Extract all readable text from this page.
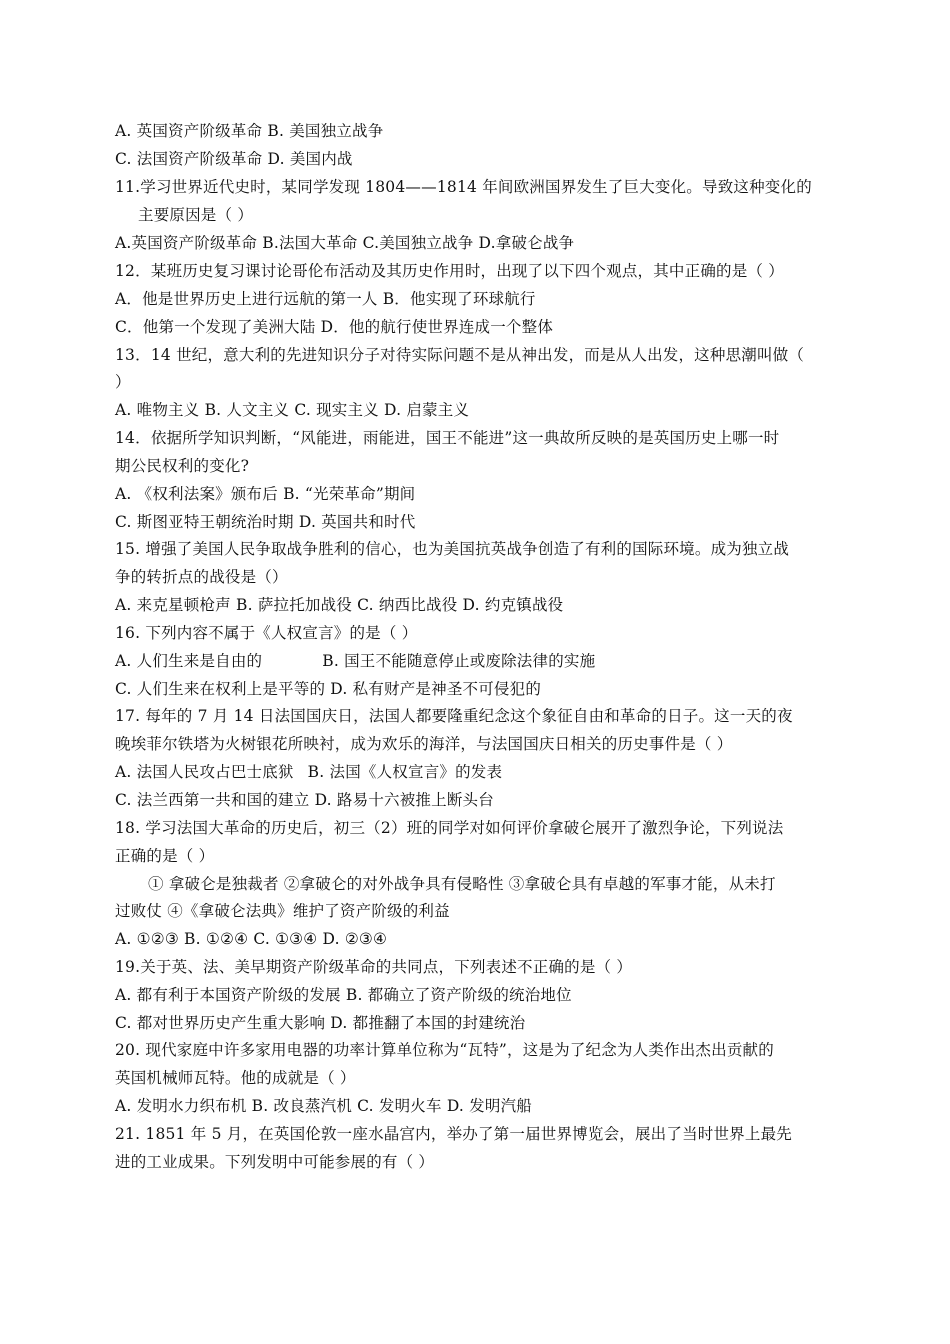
A. 英国资产阶级革命 B. 美国独立战争
C. 法国资产阶级革命 D. 美国内战
11.学习世界近代史时，某同学发现 1804——1814 年间欧洲国界发生了巨大变化。导致这种变化的
主要原因是（ ）
A.英国资产阶级革命 B.法国大革命 C.美国独立战争 D.拿破仑战争
12．某班历史复习课讨论哥伦布活动及其历史作用时，出现了以下四个观点，其中正确的是（ ）
A．他是世界历史上进行远航的第一人 B．他实现了环球航行
C．他第一个发现了美洲大陆 D．他的航行使世界连成一个整体
13．14 世纪，意大利的先进知识分子对待实际问题不是从神出发，而是从人出发，这种思潮叫做（
）
A. 唯物主义 B. 人文主义 C. 现实主义 D. 启蒙主义
14．依据所学知识判断，“风能进，雨能进，国王不能进”这一典故所反映的是英国历史上哪一时
期公民权利的变化?
A. 《权利法案》颁布后 B. “光荣革命”期间
C. 斯图亚特王朝统治时期 D. 英国共和时代
15. 增强了美国人民争取战争胜利的信心，也为美国抗英战争创造了有利的国际环境。成为独立战
争的转折点的战役是（）
A. 来克星顿枪声 B. 萨拉托加战役 C. 纳西比战役 D. 约克镇战役
16. 下列内容不属于《人权宣言》的是（ ）
A. 人们生来是自由的	B. 国王不能随意停止或废除法律的实施
C. 人们生来在权利上是平等的 D. 私有财产是神圣不可侵犯的
17. 每年的 7 月 14 日法国国庆日，法国人都要隆重纪念这个象征自由和革命的日子。这一天的夜
晚埃菲尔铁塔为火树银花所映衬，成为欢乐的海洋，与法国国庆日相关的历史事件是（ ）
A. 法国人民攻占巴士底狱 B. 法国《人权宣言》的发表
C. 法兰西第一共和国的建立 D. 路易十六被推上断头台
18. 学习法国大革命的历史后，初三（2）班的同学对如何评价拿破仑展开了激烈争论，下列说法
正确的是（ ）
① 拿破仑是独裁者 ②拿破仑的对外战争具有侵略性 ③拿破仑具有卓越的军事才能，从未打
过败仗 ④《拿破仑法典》维护了资产阶级的利益
A. ①②③ B. ①②④ C. ①③④ D. ②③④
19.关于英、法、美早期资产阶级革命的共同点，下列表述不正确的是（ ）
A. 都有利于本国资产阶级的发展 B. 都确立了资产阶级的统治地位
C. 都对世界历史产生重大影响 D. 都推翻了本国的封建统治
20. 现代家庭中许多家用电器的功率计算单位称为“瓦特”，这是为了纪念为人类作出杰出贡献的
英国机械师瓦特。他的成就是（ ）
A. 发明水力织布机 B. 改良蒸汽机 C. 发明火车 D. 发明汽船
21. 1851 年 5 月，在英国伦敦一座水晶宫内，举办了第一届世界博览会，展出了当时世界上最先
进的工业成果。下列发明中可能参展的有（ ）
